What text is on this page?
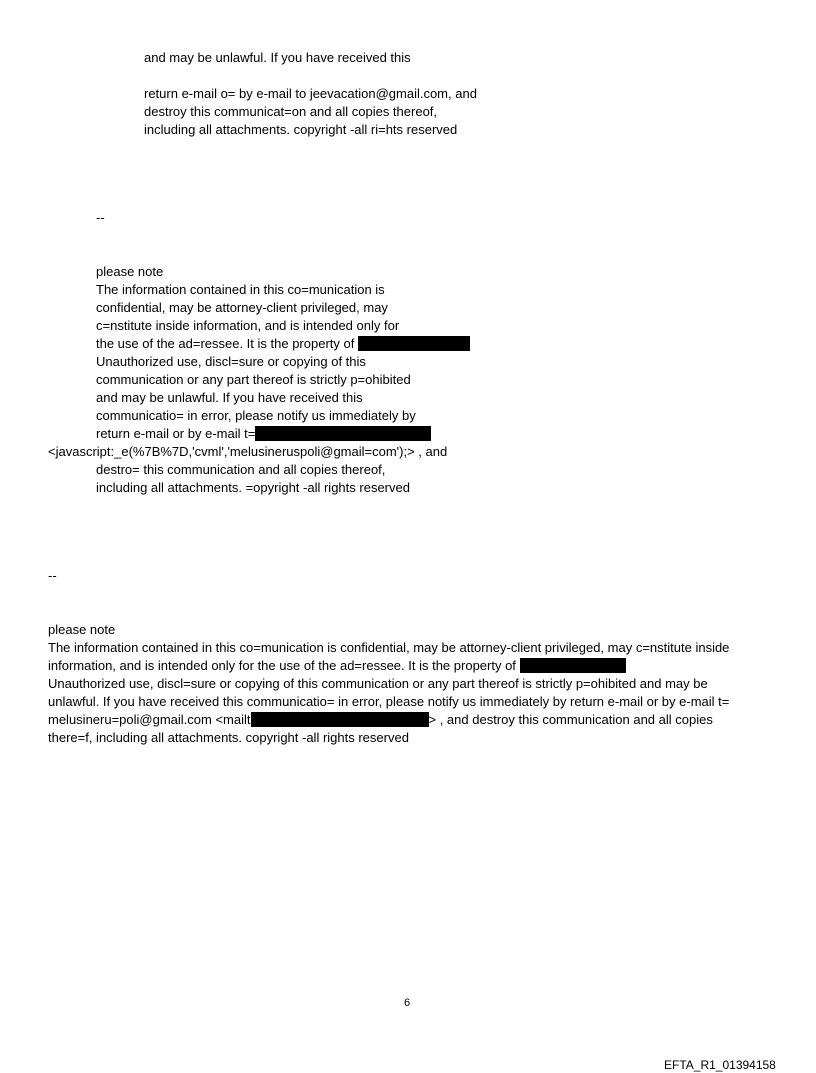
and may be unlawful. If you have received this
return e-mail o= by e-mail to jeevacation@gmail.com, and
destroy this communicat=on and all copies thereof,
including all attachments. copyright -all ri=hts reserved
--
please note
The information contained in this co=munication is
confidential, may be attorney-client privileged, may
c=nstitute inside information, and is intended only for
the use of the ad=ressee. It is the property of
Unauthorized use, discl=sure or copying of this
communication or any part thereof is strictly p=ohibited
and may be unlawful. If you have received this
communicatio= in error, please notify us immediately by
return e-mail or by e-mail t=
<javascript:_e(%7B%7D,'cvml','melusineruspoli@gmail=com');> , and
destro= this communication and all copies thereof,
including all attachments. =opyright -all rights reserved
--
please note
The information contained in this co=munication is confidential, may be attorney-client privileged, may c=nstitute inside
information, and is intended only for the use of the ad=ressee. It is the property of
Unauthorized use, discl=sure or copying of this communication or any part thereof is strictly p=ohibited and may be
unlawful. If you have received this communicatio= in error, please notify us immediately by return e-mail or by e-mail t=
melusineru=poli@gmail.com <mailt	> , and destroy this communication and all copies
there=f, including all attachments. copyright -all rights reserved
6
EFTA_R1_01394158
